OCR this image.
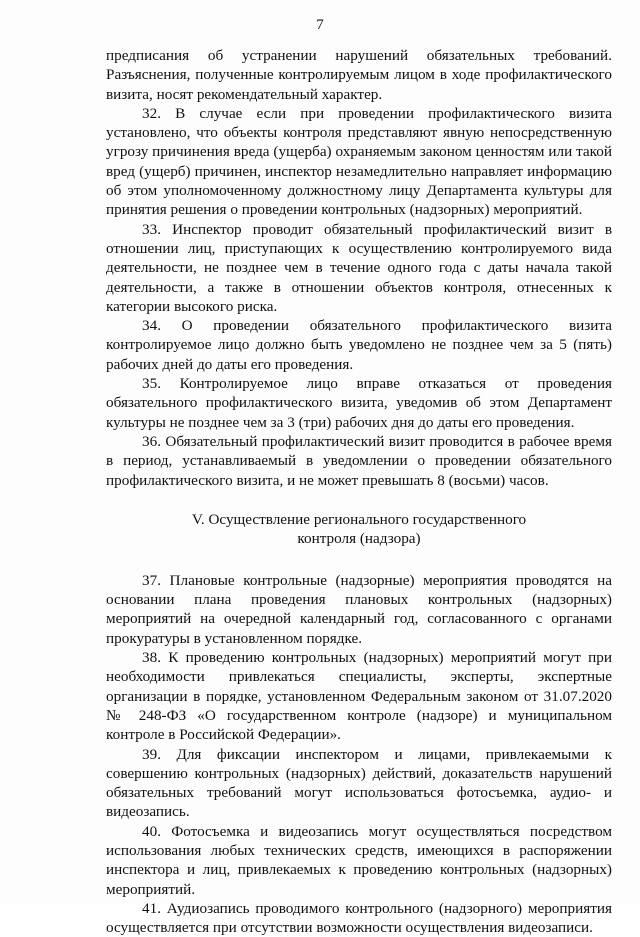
7

предписания об устранении нарушений обязательных требований. Разъяснения, полученные контролируемым лицом в ходе профилактического визита, носят рекомендательный характер.

32. В случае если при проведении профилактического визита установлено, что объекты контроля представляют явную непосредственную угрозу причинения вреда (ущерба) охраняемым законом ценностям или такой вред (ущерб) причинен, инспектор незамедлительно направляет информацию об этом уполномоченному должностному лицу Департамента культуры для принятия решения о проведении контрольных (надзорных) мероприятий.

33. Инспектор проводит обязательный профилактический визит в отношении лиц, приступающих к осуществлению контролируемого вида деятельности, не позднее чем в течение одного года с даты начала такой деятельности, а также в отношении объектов контроля, отнесенных к категории высокого риска.

34. О проведении обязательного профилактического визита контролируемое лицо должно быть уведомлено не позднее чем за 5 (пять) рабочих дней до даты его проведения.

35. Контролируемое лицо вправе отказаться от проведения обязательного профилактического визита, уведомив об этом Департамент культуры не позднее чем за 3 (три) рабочих дня до даты его проведения.

36. Обязательный профилактический визит проводится в рабочее время в период, устанавливаемый в уведомлении о проведении обязательного профилактического визита, и не может превышать 8 (восьми) часов.

V. Осуществление регионального государственного
контроля (надзора)

37. Плановые контрольные (надзорные) мероприятия проводятся на основании плана проведения плановых контрольных (надзорных) мероприятий на очередной календарный год, согласованного с органами прокуратуры в установленном порядке.

38. К проведению контрольных (надзорных) мероприятий могут при необходимости привлекаться специалисты, эксперты, экспертные организации в порядке, установленном Федеральным законом от 31.07.2020 № 248-ФЗ «О государственном контроле (надзоре) и муниципальном контроле в Российской Федерации».

39. Для фиксации инспектором и лицами, привлекаемыми к совершению контрольных (надзорных) действий, доказательств нарушений обязательных требований могут использоваться фотосъемка, аудио- и видеозапись.

40. Фотосъемка и видеозапись могут осуществляться посредством использования любых технических средств, имеющихся в распоряжении инспектора и лиц, привлекаемых к проведению контрольных (надзорных) мероприятий.

41. Аудиозапись проводимого контрольного (надзорного) мероприятия осуществляется при отсутствии возможности осуществления видеозаписи.
